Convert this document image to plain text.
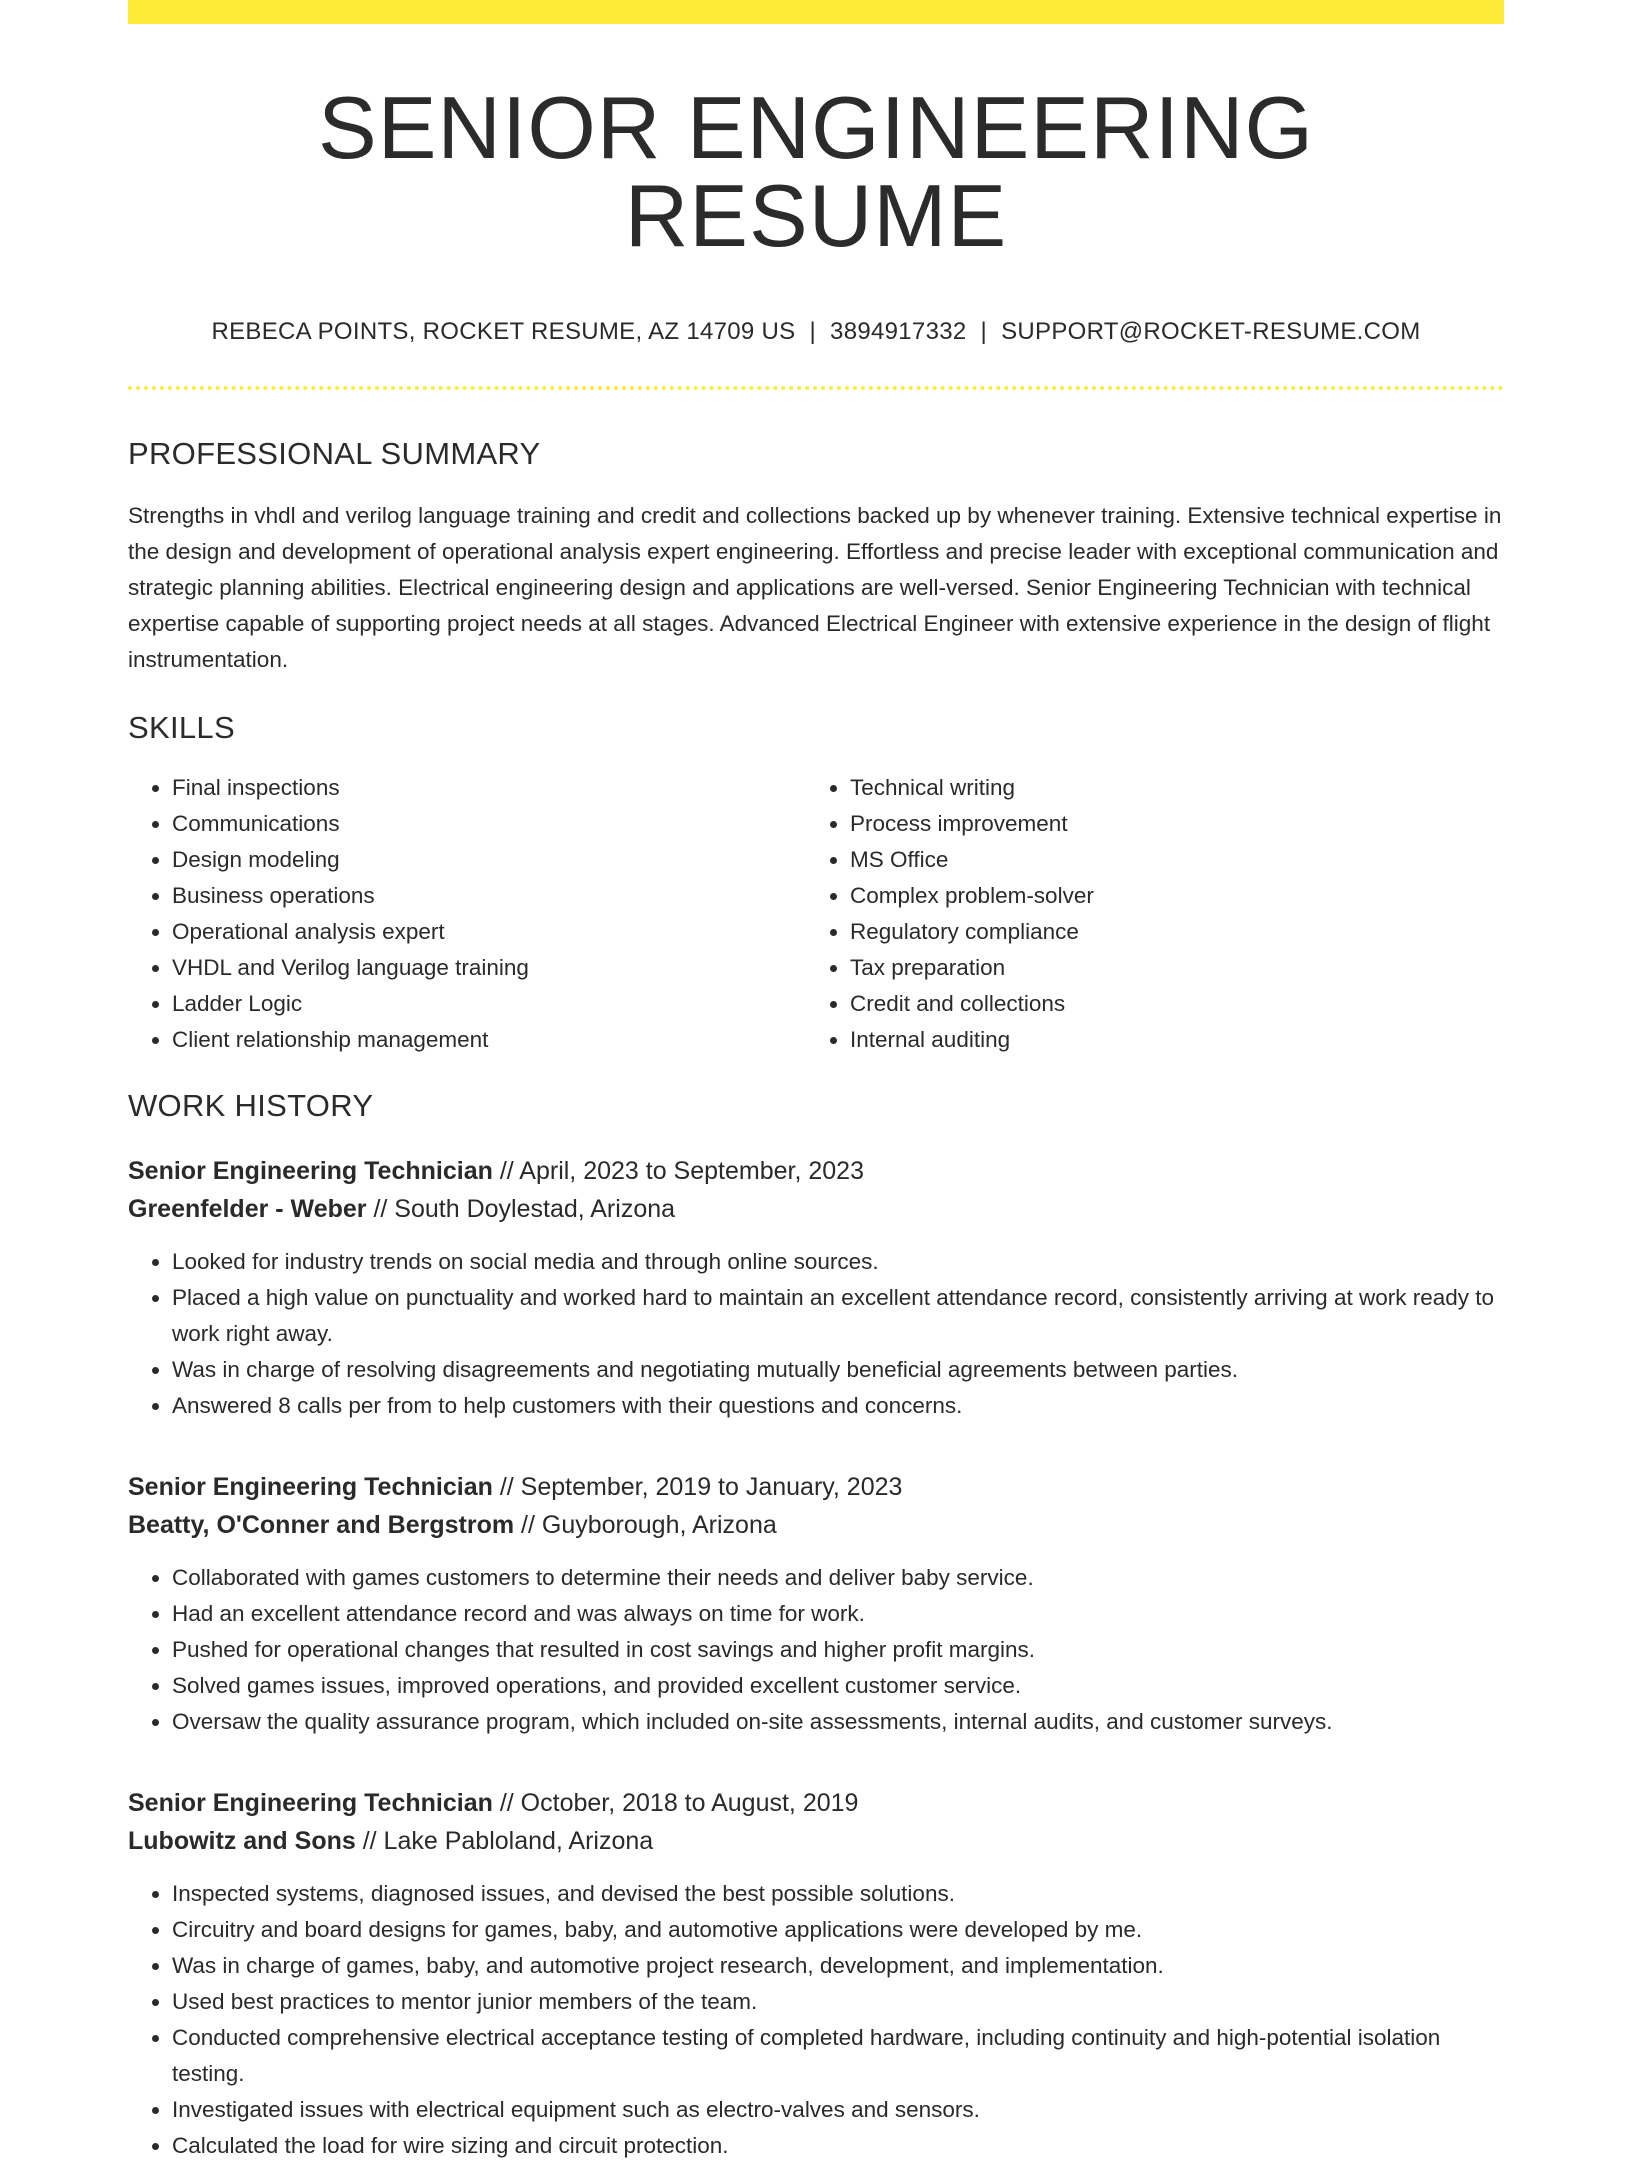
SENIOR ENGINEERING RESUME
REBECA POINTS, ROCKET RESUME, AZ 14709 US | 3894917332 | SUPPORT@ROCKET-RESUME.COM
PROFESSIONAL SUMMARY

Strengths in vhdl and verilog language training and credit and collections backed up by whenever training. Extensive technical expertise in the design and development of operational analysis expert engineering. Effortless and precise leader with exceptional communication and strategic planning abilities. Electrical engineering design and applications are well-versed. Senior Engineering Technician with technical expertise capable of supporting project needs at all stages. Advanced Electrical Engineer with extensive experience in the design of flight instrumentation.

SKILLS
• Final inspections
• Communications
• Design modeling
• Business operations
• Operational analysis expert
• VHDL and Verilog language training
• Ladder Logic
• Client relationship management
• Technical writing
• Process improvement
• MS Office
• Complex problem-solver
• Regulatory compliance
• Tax preparation
• Credit and collections
• Internal auditing
WORK HISTORY
Senior Engineering Technician // April, 2023 to September, 2023
Greenfelder - Weber // South Doylestad, Arizona
• Looked for industry trends on social media and through online sources.
• Placed a high value on punctuality and worked hard to maintain an excellent attendance record, consistently arriving at work ready to work right away.
• Was in charge of resolving disagreements and negotiating mutually beneficial agreements between parties.
• Answered 8 calls per from to help customers with their questions and concerns.
Senior Engineering Technician // September, 2019 to January, 2023
Beatty, O'Conner and Bergstrom // Guyborough, Arizona
• Collaborated with games customers to determine their needs and deliver baby service.
• Had an excellent attendance record and was always on time for work.
• Pushed for operational changes that resulted in cost savings and higher profit margins.
• Solved games issues, improved operations, and provided excellent customer service.
• Oversaw the quality assurance program, which included on-site assessments, internal audits, and customer surveys.
Senior Engineering Technician // October, 2018 to August, 2019
Lubowitz and Sons // Lake Pabloland, Arizona
• Inspected systems, diagnosed issues, and devised the best possible solutions.
• Circuitry and board designs for games, baby, and automotive applications were developed by me.
• Was in charge of games, baby, and automotive project research, development, and implementation.
• Used best practices to mentor junior members of the team.
• Conducted comprehensive electrical acceptance testing of completed hardware, including continuity and high-potential isolation testing.
• Investigated issues with electrical equipment such as electro-valves and sensors.
• Calculated the load for wire sizing and circuit protection.
